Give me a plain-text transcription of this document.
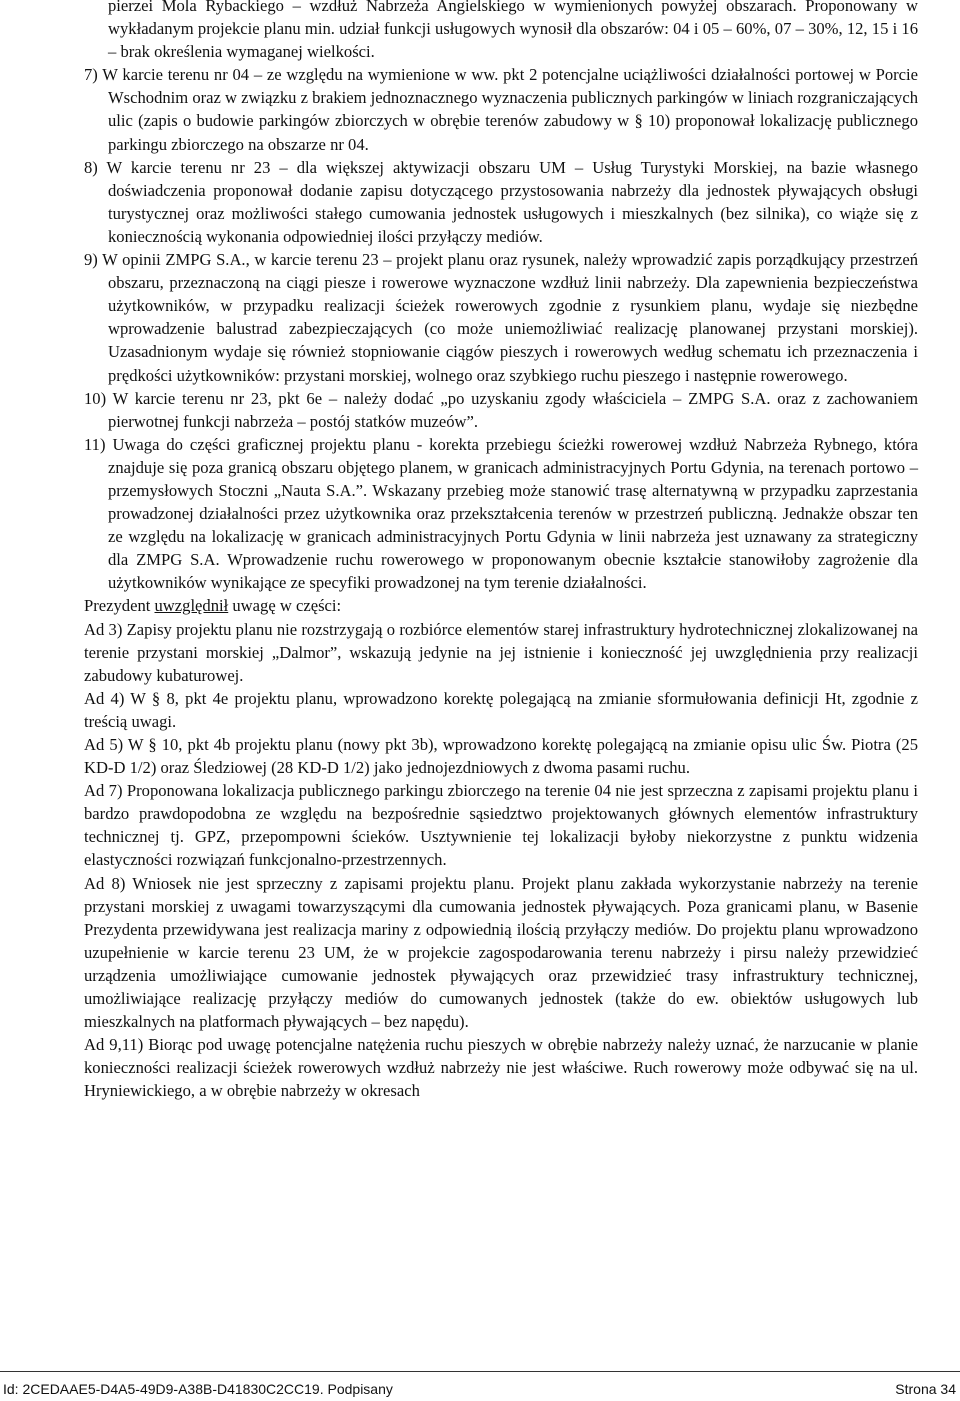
pierzei Mola Rybackiego – wzdłuż Nabrzeża Angielskiego w wymienionych powyżej obszarach. Proponowany w wykładanym projekcie planu min. udział funkcji usługowych wynosił dla obszarów: 04 i 05 – 60%, 07 – 30%, 12, 15 i 16 – brak określenia wymaganej wielkości.

7) W karcie terenu nr 04 – ze względu na wymienione w ww. pkt 2 potencjalne uciążliwości działalności portowej w Porcie Wschodnim oraz w związku z brakiem jednoznacznego wyznaczenia publicznych parkingów w liniach rozgraniczających ulic (zapis o budowie parkingów zbiorczych w obrębie terenów zabudowy w § 10) proponował lokalizację publicznego parkingu zbiorczego na obszarze nr 04.

8) W karcie terenu nr 23 – dla większej aktywizacji obszaru UM – Usług Turystyki Morskiej, na bazie własnego doświadczenia proponował dodanie zapisu dotyczącego przystosowania nabrzeży dla jednostek pływających obsługi turystycznej oraz możliwości stałego cumowania jednostek usługowych i mieszkalnych (bez silnika), co wiąże się z koniecznością wykonania odpowiedniej ilości przyłączy mediów.

9) W opinii ZMPG S.A., w karcie terenu 23 – projekt planu oraz rysunek, należy wprowadzić zapis porządkujący przestrzeń obszaru, przeznaczoną na ciągi piesze i rowerowe wyznaczone wzdłuż linii nabrzeży. Dla zapewnienia bezpieczeństwa użytkowników, w przypadku realizacji ścieżek rowerowych zgodnie z rysunkiem planu, wydaje się niezbędne wprowadzenie balustrad zabezpieczających (co może uniemożliwiać realizację planowanej przystani morskiej). Uzasadnionym wydaje się również stopniowanie ciągów pieszych i rowerowych według schematu ich przeznaczenia i prędkości użytkowników: przystani morskiej, wolnego oraz szybkiego ruchu pieszego i następnie rowerowego.

10) W karcie terenu nr 23, pkt 6e – należy dodać „po uzyskaniu zgody właściciela – ZMPG S.A. oraz z zachowaniem pierwotnej funkcji nabrzeża – postój statków muzeów”.

11) Uwaga do części graficznej projektu planu - korekta przebiegu ścieżki rowerowej wzdłuż Nabrzeża Rybnego, która znajduje się poza granicą obszaru objętego planem, w granicach administracyjnych Portu Gdynia, na terenach portowo – przemysłowych Stoczni „Nauta S.A.”. Wskazany przebieg może stanowić trasę alternatywną w przypadku zaprzestania prowadzonej działalności przez użytkownika oraz przekształcenia terenów w przestrzeń publiczną. Jednakże obszar ten ze względu na lokalizację w granicach administracyjnych Portu Gdynia w linii nabrzeża jest uznawany za strategiczny dla ZMPG S.A. Wprowadzenie ruchu rowerowego w proponowanym obecnie kształcie stanowiłoby zagrożenie dla użytkowników wynikające ze specyfiki prowadzonej na tym terenie działalności.

Prezydent uwzględnił uwagę w części:

Ad 3) Zapisy projektu planu nie rozstrzygają o rozbiórce elementów starej infrastruktury hydrotechnicznej zlokalizowanej na terenie przystani morskiej „Dalmor”, wskazują jedynie na jej istnienie i konieczność jej uwzględnienia przy realizacji zabudowy kubaturowej.

Ad 4) W § 8, pkt 4e projektu planu, wprowadzono korektę polegającą na zmianie sformułowania definicji Ht, zgodnie z treścią uwagi.

Ad 5) W § 10, pkt 4b projektu planu (nowy pkt 3b), wprowadzono korektę polegającą na zmianie opisu ulic Św. Piotra (25 KD-D 1/2) oraz Śledziowej (28 KD-D 1/2) jako jednojezdniowych z dwoma pasami ruchu.

Ad 7) Proponowana lokalizacja publicznego parkingu zbiorczego na terenie 04 nie jest sprzeczna z zapisami projektu planu i bardzo prawdopodobna ze względu na bezpośrednie sąsiedztwo projektowanych głównych elementów infrastruktury technicznej tj. GPZ, przepompowni ścieków. Usztywnienie tej lokalizacji byłoby niekorzystne z punktu widzenia elastyczności rozwiązań funkcjonalno-przestrzennych.

Ad 8) Wniosek nie jest sprzeczny z zapisami projektu planu. Projekt planu zakłada wykorzystanie nabrzeży na terenie przystani morskiej z uwagami towarzyszącymi dla cumowania jednostek pływających. Poza granicami planu, w Basenie Prezydenta przewidywana jest realizacja mariny z odpowiednią ilością przyłączy mediów. Do projektu planu wprowadzono uzupełnienie w karcie terenu 23 UM, że w projekcie zagospodarowania terenu nabrzeży i pirsu należy przewidzieć urządzenia umożliwiające cumowanie jednostek pływających oraz przewidzieć trasy infrastruktury technicznej, umożliwiające realizację przyłączy mediów do cumowanych jednostek (także do ew. obiektów usługowych lub mieszkalnych na platformach pływających – bez napędu).

Ad 9,11) Biorąc pod uwagę potencjalne natężenia ruchu pieszych w obrębie nabrzeży należy uznać, że narzucanie w planie konieczności realizacji ścieżek rowerowych wzdłuż nabrzeży nie jest właściwe. Ruch rowerowy może odbywać się na ul. Hryniewickiego, a w obrębie nabrzeży w okresach

Id: 2CEDAAE5-D4A5-49D9-A38B-D41830C2CC19. Podpisany	Strona 34
